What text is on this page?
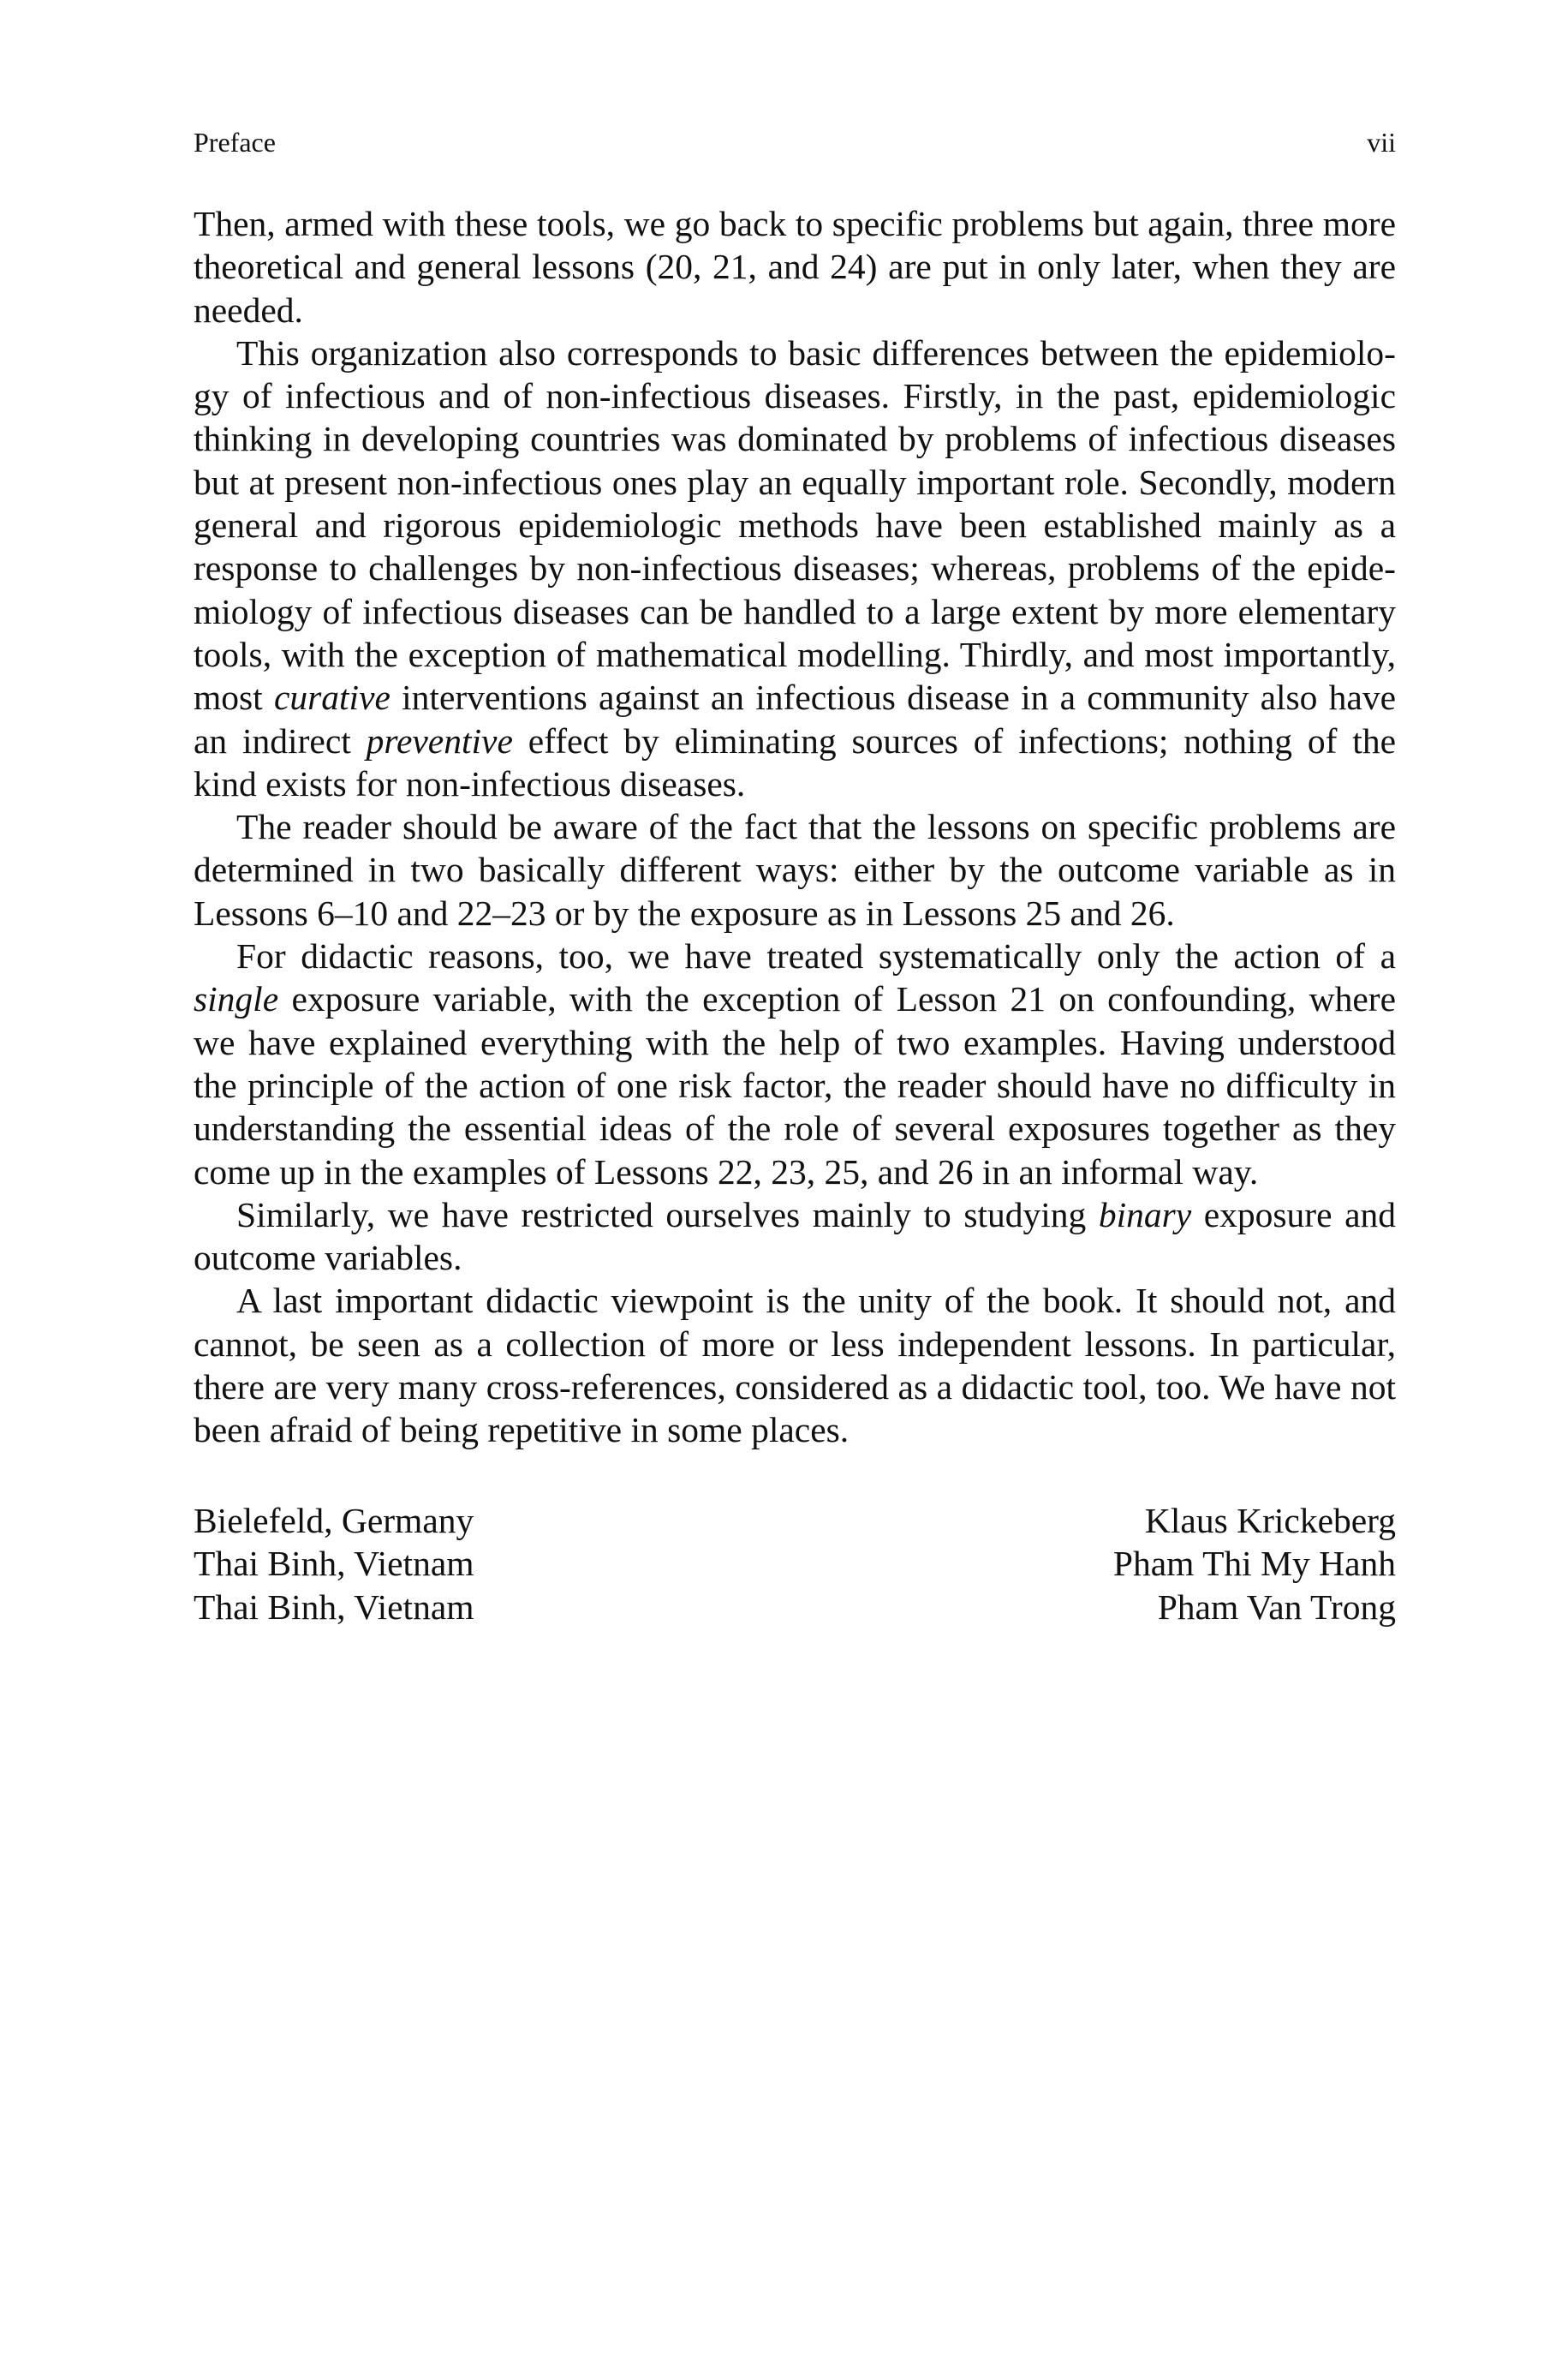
Preface	vii

Then, armed with these tools, we go back to specific problems but again, three more theoretical and general lessons (20, 21, and 24) are put in only later, when they are needed.

This organization also corresponds to basic differences between the epidemiology of infectious and of non-infectious diseases. Firstly, in the past, epidemiologic thinking in developing countries was dominated by problems of infectious diseases but at present non-infectious ones play an equally important role. Secondly, modern general and rigorous epidemiologic methods have been established mainly as a response to challenges by non-infectious diseases; whereas, problems of the epidemiology of infectious diseases can be handled to a large extent by more elementary tools, with the exception of mathematical modelling. Thirdly, and most importantly, most curative interventions against an infectious disease in a community also have an indirect preventive effect by eliminating sources of infections; nothing of the kind exists for non-infectious diseases.

The reader should be aware of the fact that the lessons on specific problems are determined in two basically different ways: either by the outcome variable as in Lessons 6–10 and 22–23 or by the exposure as in Lessons 25 and 26.

For didactic reasons, too, we have treated systematically only the action of a single exposure variable, with the exception of Lesson 21 on confounding, where we have explained everything with the help of two examples. Having understood the principle of the action of one risk factor, the reader should have no difficulty in understanding the essential ideas of the role of several exposures together as they come up in the examples of Lessons 22, 23, 25, and 26 in an informal way.

Similarly, we have restricted ourselves mainly to studying binary exposure and outcome variables.

A last important didactic viewpoint is the unity of the book. It should not, and cannot, be seen as a collection of more or less independent lessons. In particular, there are very many cross-references, considered as a didactic tool, too. We have not been afraid of being repetitive in some places.

Bielefeld, Germany
Thai Binh, Vietnam
Thai Binh, Vietnam
Klaus Krickeberg
Pham Thi My Hanh
Pham Van Trong
